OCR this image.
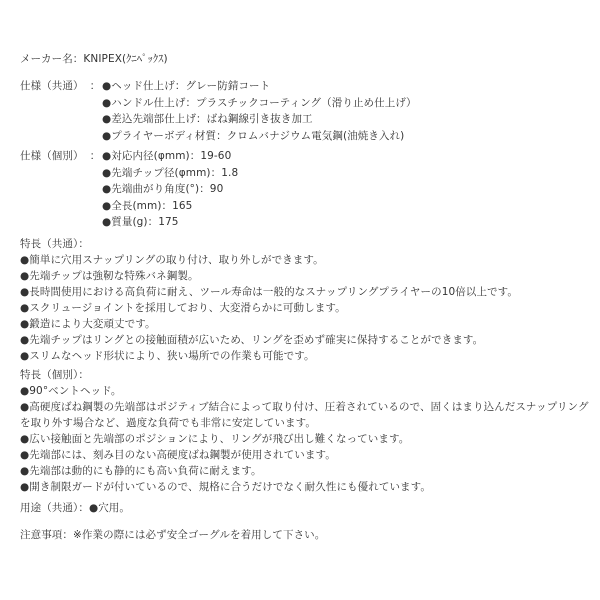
メーカー名：KNIPEX(ｸﾆﾍﾟｯｸｽ)
仕様（共通） ： ●ヘッド仕上げ：グレー防錆コート
●ハンドル仕上げ：プラスチックコーティング（滑り止め仕上げ）
●差込先端部仕上げ：ばね鋼線引き抜き加工
●プライヤーボディ材質：クロムバナジウム電気鋼(油焼き入れ)
仕様（個別） ： ●対応内径(φmm)：19-60
●先端チップ径(φmm)：1.8
●先端曲がり角度(°)：90
●全長(mm)：165
●質量(g)：175
特長（共通）：
●簡単に穴用スナップリングの取り付け、取り外しができます。
●先端チップは強靭な特殊バネ鋼製。
●長時間使用における高負荷に耐え、ツール寿命は一般的なスナップリングプライヤーの10倍以上です。
●スクリュージョイントを採用しており、大変滑らかに可動します。
●鍛造により大変頑丈です。
●先端チップはリングとの接触面積が広いため、リングを歪めず確実に保持することができます。
●スリムなヘッド形状により、狭い場所での作業も可能です。
特長（個別）：
●90°ベントヘッド。
●高硬度ばね鋼製の先端部はポジティブ結合によって取り付け、圧着されているので、固くはまり込んだスナップリング
を取り外す場合など、過度な負荷でも非常に安定しています。
●広い接触面と先端部のポジションにより、リングが飛び出し難くなっています。
●先端部には、刻み目のない高硬度ばね鋼製が使用されています。
●先端部は動的にも静的にも高い負荷に耐えます。
●開き制限ガードが付いているので、規格に合うだけでなく耐久性にも優れています。
用途（共通）：●穴用。
注意事項：※作業の際には必ず安全ゴーグルを着用して下さい。
